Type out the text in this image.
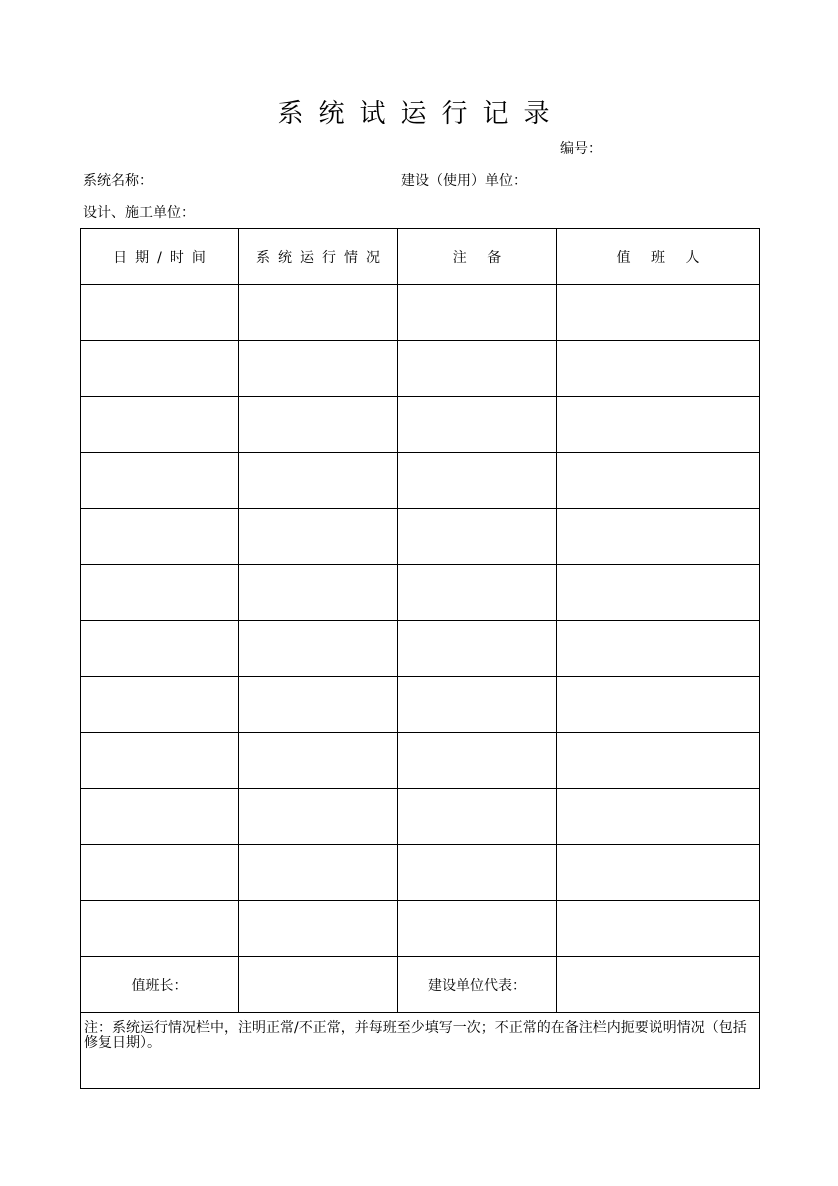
系统试运行记录
编号：
系统名称：	建设（使用）单位：
设计、施工单位：
日期/时间	系统运行情况	注 备	值 班 人

值班长：		建设单位代表：	
注：系统运行情况栏中，注明正常/不正常，并每班至少填写一次；不正常的在备注栏内扼要说明情况（包括修复日期）。			
